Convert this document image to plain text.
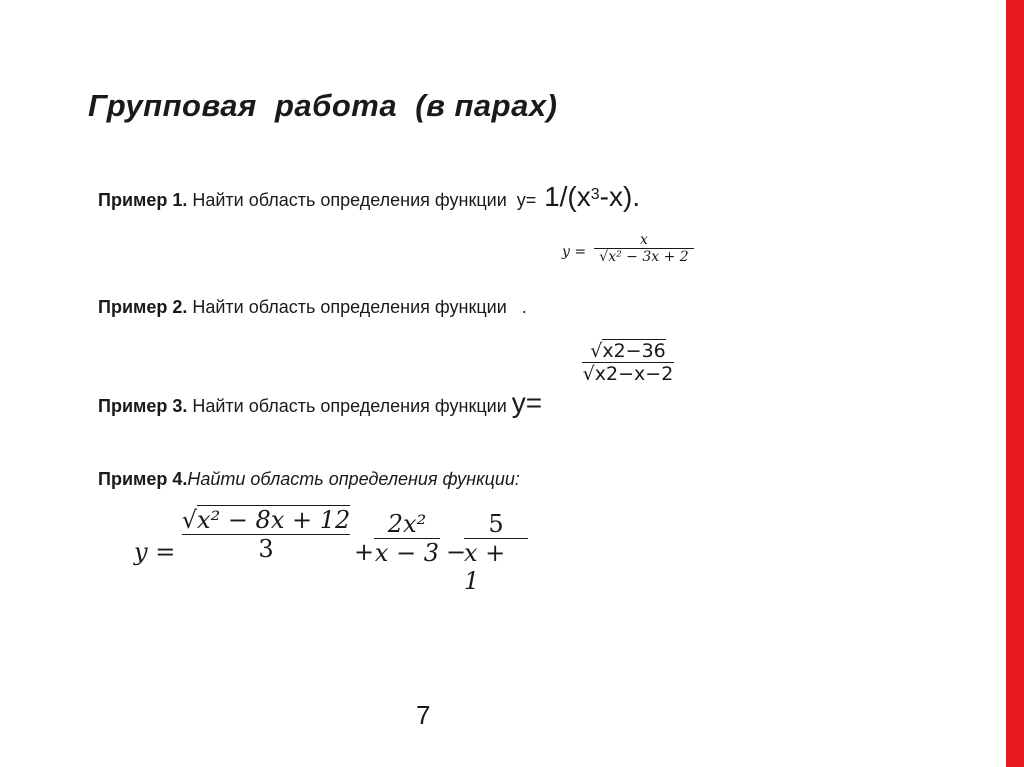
Групповая  работа  (в парах)

Пример 1. Найти область определения функции  у= 1/(х3-х).

Пример 2. Найти область определения функции   .

y =
x
√x² − 3x + 2

Пример 3. Найти область определения функции у=

√x2−36
√x2−x−2

Пример 4.Найти область определения функции:

y =
√x² − 8x + 12
3	+
2x²
x − 3 −
5
x + 1
7
